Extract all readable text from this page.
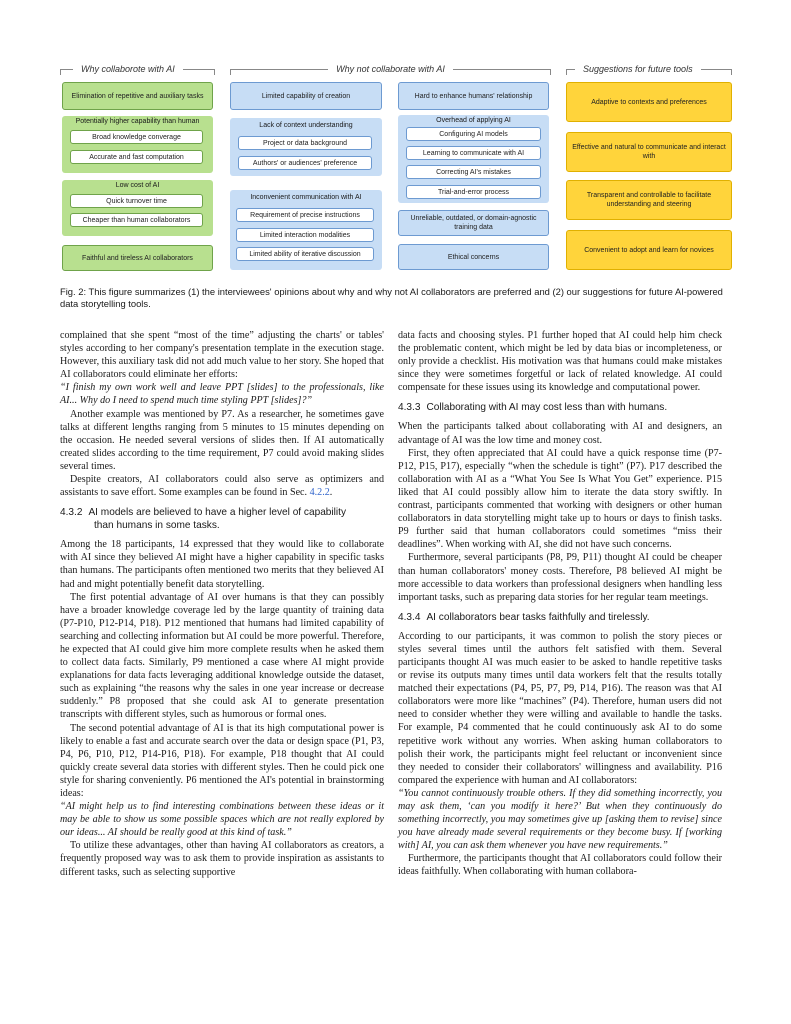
Why collaborote with AI	Why not collaborate with AI	Suggestions for future tools
Elimination of repetitive and auxiliary tasks
Potentially higher capability than human
Broad knowledge converage
Accurate and fast computation
Low cost of AI
Quick turnover time
Cheaper than human collaborators
Faithful and tireless AI collaborators
Limited capability of creation
Lack of context understanding
Project or data background
Authors' or audiences' preference
Inconvenient communication with AI
Requirement of precise instructions
Limited interaction modalities
Limited ability of iterative discussion
Hard to enhance humans' relationship
Overhead of applying AI
Configuring AI models
Learning to communicate with AI
Correcting AI's mistakes
Trial-and-error process
Unreliable, outdated, or domain-agnostic training data
Ethical concerns
Adaptive to contexts and preferences
Effective and natural to communicate and interact with
Transparent and controllable to facilitate understanding and steering
Convenient to adopt and learn for novices
Fig. 2: This figure summarizes (1) the interviewees' opinions about why and why not AI collaborators are preferred and (2) our suggestions for future AI-powered data storytelling tools.

complained that she spent “most of the time” adjusting the charts' or tables' styles according to her company's presentation template in the execution stage. However, this auxiliary task did not add much value to her story. She hoped that AI collaborators could eliminate her efforts:

“I finish my own work well and leave PPT [slides] to the professionals, like AI... Why do I need to spend much time styling PPT [slides]?”

Another example was mentioned by P7. As a researcher, he sometimes gave talks at different lengths ranging from 5 minutes to 15 minutes depending on the occasion. He needed several versions of slides then. If AI automatically created slides according to the time requirement, P7 could avoid making slides several times.

Despite creators, AI collaborators could also serve as optimizers and assistants to save effort. Some examples can be found in Sec. 4.2.2.

4.3.2 AI models are believed to have a higher level of capability
than humans in some tasks.

Among the 18 participants, 14 expressed that they would like to collaborate with AI since they believed AI might have a higher capability in specific tasks than humans. The participants often mentioned two merits that they believed AI had and might potentially benefit data storytelling.

The first potential advantage of AI over humans is that they can possibly have a broader knowledge coverage led by the large quantity of training data (P7-P10, P12-P14, P18). P12 mentioned that humans had limited capability of searching and collecting information but AI could be more powerful. Therefore, he expected that AI could give him more complete results when he asked them to collect data facts. Similarly, P9 mentioned a case where AI might provide explanations for data facts leveraging additional knowledge outside the dataset, such as explaining “the reasons why the sales in one year increase or decrease suddenly.” P8 proposed that she could ask AI to generate presentation transcripts with different styles, such as humorous or formal ones.

The second potential advantage of AI is that its high computational power is likely to enable a fast and accurate search over the data or design space (P1, P3, P4, P6, P10, P12, P14-P16, P18). For example, P18 thought that AI could quickly create several data stories with different styles. Then he could pick one style for sharing conveniently. P6 mentioned the AI's potential in brainstorming ideas:

“AI might help us to find interesting combinations between these ideas or it may be able to show us some possible spaces which are not really explored by our ideas... AI should be really good at this kind of task.”

To utilize these advantages, other than having AI collaborators as creators, a frequently proposed way was to ask them to provide inspiration as assistants to different tasks, such as selecting supportive

data facts and choosing styles. P1 further hoped that AI could help him check the problematic content, which might be led by data bias or incompleteness, or only provide a checklist. His motivation was that humans could make mistakes since they were sometimes forgetful or lack of related knowledge. AI could compensate for these issues using its knowledge and computational power.

4.3.3 Collaborating with AI may cost less than with humans.

When the participants talked about collaborating with AI and designers, an advantage of AI was the low time and money cost.

First, they often appreciated that AI could have a quick response time (P7-P12, P15, P17), especially “when the schedule is tight” (P7). P17 described the collaboration with AI as a “What You See Is What You Get” experience. P15 liked that AI could possibly allow him to iterate the data story swiftly. In contrast, participants commented that working with designers or other human collaborators in data storytelling might take up to hours or days to finish tasks. P9 further said that human collaborators could sometimes “miss their deadlines”. When working with AI, she did not have such concerns.

Furthermore, several participants (P8, P9, P11) thought AI could be cheaper than human collaborators' money costs. Therefore, P8 believed AI might be more accessible to data workers than professional designers when handling less important tasks, such as preparing data stories for her regular team meetings.

4.3.4 AI collaborators bear tasks faithfully and tirelessly.

According to our participants, it was common to polish the story pieces or styles several times until the authors felt satisfied with them. Several participants thought AI was much easier to be asked to handle repetitive tasks or revise its outputs many times until data workers felt that the results totally matched their expectations (P4, P5, P7, P9, P14, P16). The reason was that AI collaborators were more like “machines” (P4). Therefore, human users did not need to consider whether they were willing and available to handle the tasks. For example, P4 commented that he could continuously ask AI to do some repetitive work without any worries. When asking human collaborators to polish their work, the participants might feel reluctant or inconvenient since they needed to consider their collaborators' willingness and availability. P16 compared the experience with human and AI collaborators:

“You cannot continuously trouble others. If they did something incorrectly, you may ask them, ‘can you modify it here?’ But when they continuously do something incorrectly, you may sometimes give up [asking them to revise] since you have already made several requirements or they become busy. If [working with] AI, you can ask them whenever you have new requirements.”

Furthermore, the participants thought that AI collaborators could follow their ideas faithfully. When collaborating with human collabora-
